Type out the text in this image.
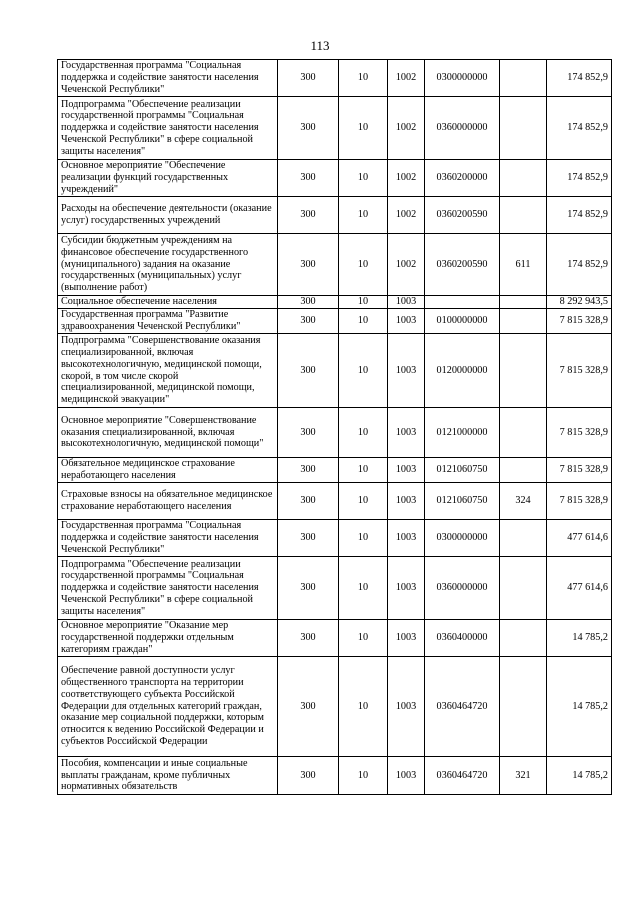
113
Государственная программа "Социальная поддержка и содействие занятости населения Чеченской Республики"	300	10	1002	0300000000		174 852,9
Подпрограмма "Обеспечение реализации государственной программы "Социальная поддержка и содействие занятости населения Чеченской Республики" в сфере социальной защиты населения"	300	10	1002	0360000000		174 852,9
Основное мероприятие "Обеспечение реализации функций государственных учреждений"	300	10	1002	0360200000		174 852,9
Расходы на обеспечение деятельности (оказание услуг) государственных учреждений	300	10	1002	0360200590		174 852,9
Субсидии бюджетным учреждениям на финансовое обеспечение государственного (муниципального) задания на оказание государственных (муниципальных) услуг (выполнение работ)	300	10	1002	0360200590	611	174 852,9
Социальное обеспечение населения	300	10	1003			8 292 943,5
Государственная программа "Развитие здравоохранения Чеченской Республики"	300	10	1003	0100000000		7 815 328,9
Подпрограмма "Совершенствование оказания специализированной, включая высокотехнологичную, медицинской помощи, скорой, в том числе скорой специализированной, медицинской помощи, медицинской эвакуации"	300	10	1003	0120000000		7 815 328,9
Основное мероприятие "Совершенствование оказания специализированной, включая высокотехнологичную, медицинской помощи"	300	10	1003	0121000000		7 815 328,9
Обязательное медицинское страхование неработающего населения	300	10	1003	0121060750		7 815 328,9
Страховые взносы на обязательное медицинское страхование неработающего населения	300	10	1003	0121060750	324	7 815 328,9
Государственная программа "Социальная поддержка и содействие занятости населения Чеченской Республики"	300	10	1003	0300000000		477 614,6
Подпрограмма "Обеспечение реализации государственной программы "Социальная поддержка и содействие занятости населения Чеченской Республики" в сфере социальной защиты населения"	300	10	1003	0360000000		477 614,6
Основное мероприятие "Оказание мер государственной поддержки отдельным категориям граждан"	300	10	1003	0360400000		14 785,2
Обеспечение равной доступности услуг общественного транспорта на территории соответствующего субъекта Российской Федерации для отдельных категорий граждан, оказание мер социальной поддержки, которым относится к ведению Российской Федерации и субъектов Российской Федерации	300	10	1003	0360464720		14 785,2
Пособия, компенсации и иные социальные выплаты гражданам, кроме публичных нормативных обязательств	300	10	1003	0360464720	321	14 785,2
